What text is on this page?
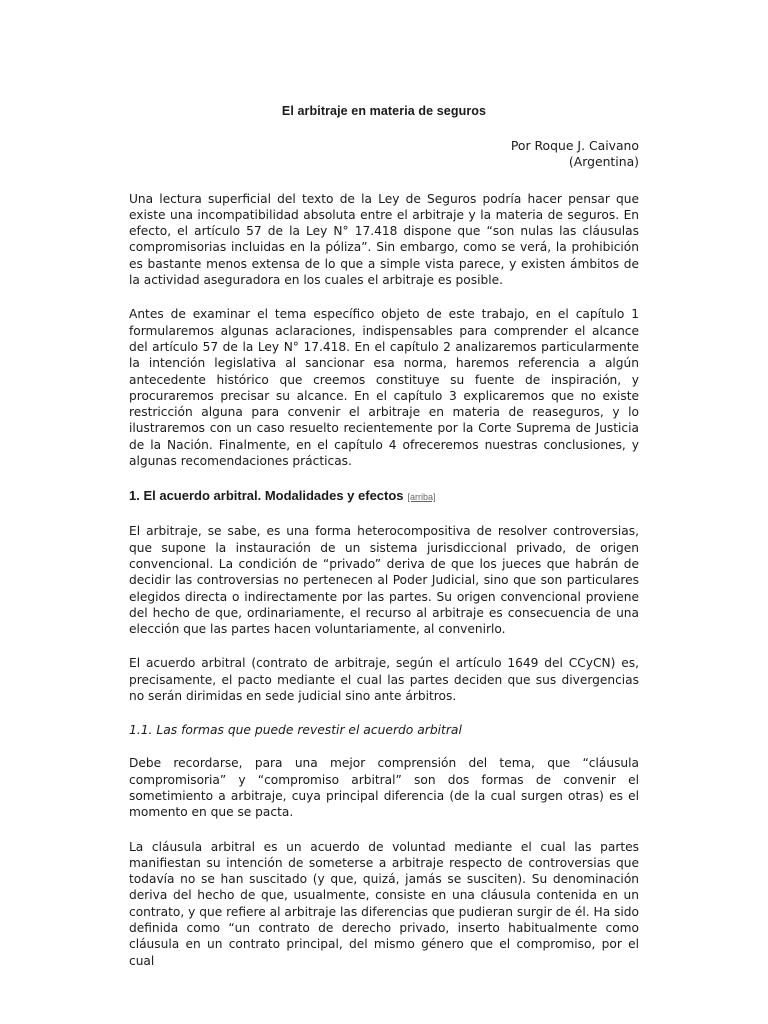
El arbitraje en materia de seguros
Por Roque J. Caivano
(Argentina)

Una lectura superficial del texto de la Ley de Seguros podría hacer pensar que existe una incompatibilidad absoluta entre el arbitraje y la materia de seguros. En efecto, el artículo 57 de la Ley N° 17.418 dispone que “son nulas las cláusulas compromisorias incluidas en la póliza”. Sin embargo, como se verá, la prohibición es bastante menos extensa de lo que a simple vista parece, y existen ámbitos de la actividad aseguradora en los cuales el arbitraje es posible.

Antes de examinar el tema específico objeto de este trabajo, en el capítulo 1 formularemos algunas aclaraciones, indispensables para comprender el alcance del artículo 57 de la Ley N° 17.418. En el capítulo 2 analizaremos particularmente la intención legislativa al sancionar esa norma, haremos referencia a algún antecedente histórico que creemos constituye su fuente de inspiración, y procuraremos precisar su alcance. En el capítulo 3 explicaremos que no existe restricción alguna para convenir el arbitraje en materia de reaseguros, y lo ilustraremos con un caso resuelto recientemente por la Corte Suprema de Justicia de la Nación. Finalmente, en el capítulo 4 ofreceremos nuestras conclusiones, y algunas recomendaciones prácticas.

1. El acuerdo arbitral. Modalidades y efectos [arriba]

El arbitraje, se sabe, es una forma heterocompositiva de resolver controversias, que supone la instauración de un sistema jurisdiccional privado, de origen convencional. La condición de “privado” deriva de que los jueces que habrán de decidir las controversias no pertenecen al Poder Judicial, sino que son particulares elegidos directa o indirectamente por las partes. Su origen convencional proviene del hecho de que, ordinariamente, el recurso al arbitraje es consecuencia de una elección que las partes hacen voluntariamente, al convenirlo.

El acuerdo arbitral (contrato de arbitraje, según el artículo 1649 del CCyCN) es, precisamente, el pacto mediante el cual las partes deciden que sus divergencias no serán dirimidas en sede judicial sino ante árbitros.

1.1. Las formas que puede revestir el acuerdo arbitral

Debe recordarse, para una mejor comprensión del tema, que “cláusula compromisoria” y “compromiso arbitral” son dos formas de convenir el sometimiento a arbitraje, cuya principal diferencia (de la cual surgen otras) es el momento en que se pacta.

La cláusula arbitral es un acuerdo de voluntad mediante el cual las partes manifiestan su intención de someterse a arbitraje respecto de controversias que todavía no se han suscitado (y que, quizá, jamás se susciten). Su denominación deriva del hecho de que, usualmente, consiste en una cláusula contenida en un contrato, y que refiere al arbitraje las diferencias que pudieran surgir de él. Ha sido definida como “un contrato de derecho privado, inserto habitualmente como cláusula en un contrato principal, del mismo género que el compromiso, por el cual
